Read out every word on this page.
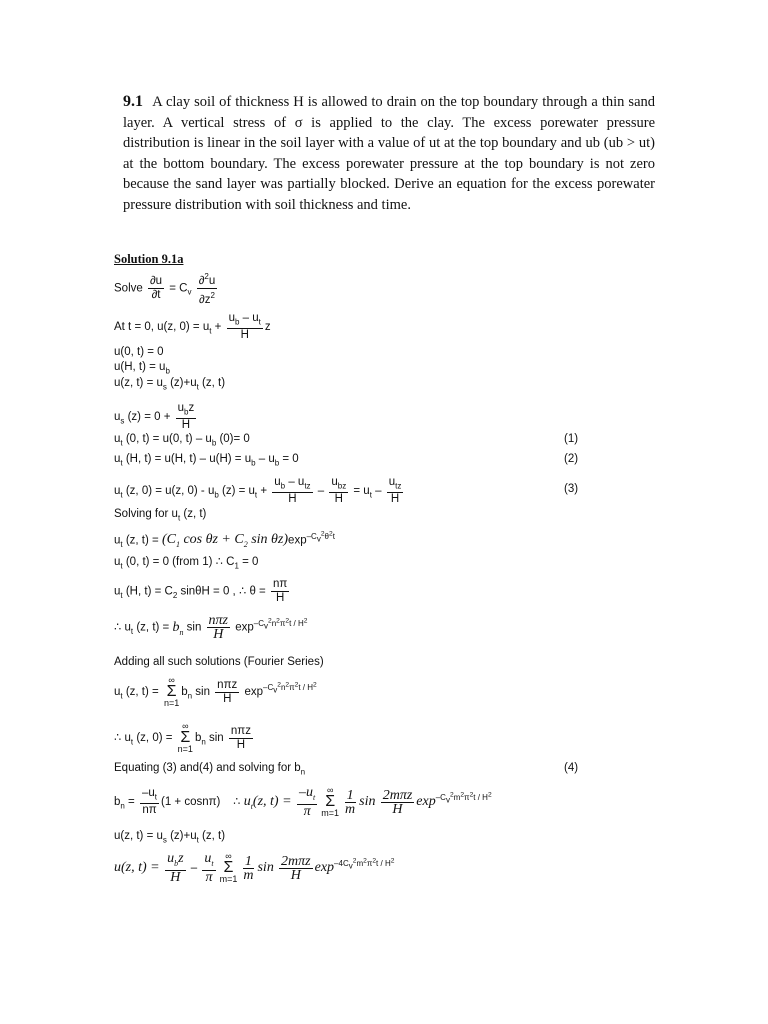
9.1 A clay soil of thickness H is allowed to drain on the top boundary through a thin sand layer. A vertical stress of σ is applied to the clay. The excess porewater pressure distribution is linear in the soil layer with a value of ut at the top boundary and ub (ub > ut) at the bottom boundary. The excess porewater pressure at the top boundary is not zero because the sand layer was partially blocked. Derive an equation for the excess porewater pressure distribution with soil thickness and time.
Solution 9.1a
Solve $\frac{\partial u}{\partial t} = C_v \frac{\partial^2u}{\partial z^2}$
At t = 0, u(z, $0) = u_t + \frac{u_b - u_t}{H}$ z
u(0, t) = 0
u(H, $t) = u_b$
u(z, $t) = u_s$ $(z)+u_t$ (z, t)
$u_s$ $(z) = 0 + \frac{u_bz}{H}$
$u_t$ (0, t) = u(0, $t) - u_b$ (0)= 0	(1)
$u_t$ (H, t) = u(H, $t) - u(H) = u_b - u_b = 0$	(2)
$u_t$ (z, 0) = u(z, $0) - u_b$ $(z) = u_t + \frac{u_b - u_{tz}}{H} - \frac{u_{bz}}{H} = u_t - \frac{u_{tz}}{H}$	(3)
Solving for $u_t$ (z, t)
$u_t$ (z, $t) = (C_1$ $\cos \theta z + C_2$ $\sin \theta z)\exp^{-Cv^2\theta^2t}$
$u_t$ (0, t) = 0 (from 1) ∴ $C_1 = 0$
$u_t$ (H, $t) = C_2$ sinθH = 0 , ∴ $\theta = \frac{n\pi}{H}$
∴ $u_t$ (z, $t) = b_n$ $\sin \frac{\text{nπz}}{H} \exp^{-Cv^2n^2\pi^2t / H^2}$
Adding all such solutions (Fourier Series)
$u_t$ (z, t) =
∞
Σ
n=1
$b_n$ $\sin \frac{\text{nπz}}{H} \exp^{-Cv^2n^2\pi^2t / H^2}$
∴ $u_t$ (z, 0) =
∞
Σ
n=1
$b_n$ $\sin \frac{\text{nπz}}{H}$
Equating (3) and(4) and solving for $b_n$	(4)
$b_n = \frac{-u_t}{n\pi} (1 + \cos n\pi)$    ∴ $u_t(z$, $t) = \frac{-u_t}{\pi}$ ∞
Σ
$m=1 \frac{1}{m}$ $\sin \frac{\text{2mπz}}{H} \exp^{-Cv^2m^2\pi^2t / H^2}$
u(z, $t) = u_s$ $(z)+u_t$ (z, t)
u(z, $t) = \frac{u_bz}{H} - \frac{u_t}{\pi}$ ∞
Σ
$m=1 \frac{1}{m}$ $\sin \frac{\text{2mπz}}{H} \exp^{-4Cv^2m^2\pi^2t / H^2}$
